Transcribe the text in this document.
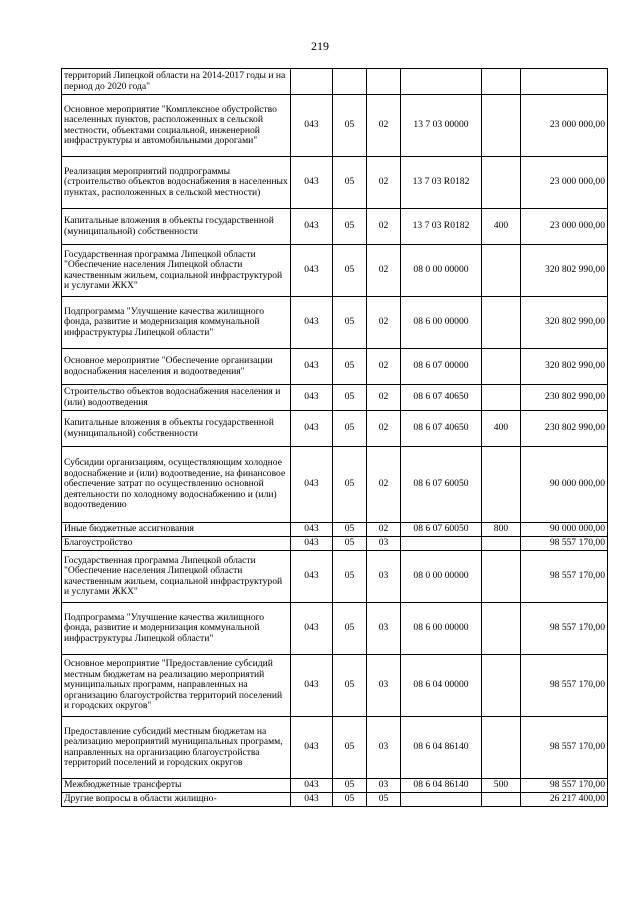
219
территорий Липецкой области на 2014-2017 годы и на период до 2020 года"						
Основное мероприятие "Комплексное обустройство населенных пунктов, расположенных в сельской местности, объектами социальной, инженерной инфраструктуры и автомобильными дорогами"	043	05	02	13 7 03 00000		23 000 000,00
Реализация мероприятий подпрограммы (строительство объектов водоснабжения в населенных пунктах, расположенных в сельской местности)	043	05	02	13 7 03 R0182		23 000 000,00
Капитальные вложения в объекты государственной (муниципальной) собственности	043	05	02	13 7 03 R0182	400	23 000 000,00
Государственная программа Липецкой области "Обеспечение населения Липецкой области качественным жильем, социальной инфраструктурой и услугами ЖКХ"	043	05	02	08 0 00 00000		320 802 990,00
Подпрограмма "Улучшение качества жилищного фонда, развитие и модернизация коммунальной инфраструктуры Липецкой области"	043	05	02	08 6 00 00000		320 802 990,00
Основное мероприятие "Обеспечение организации водоснабжения населения и водоотведения"	043	05	02	08 6 07 00000		320 802 990,00
Строительство объектов водоснабжения населения и (или) водоотведения	043	05	02	08 6 07 40650		230 802 990,00
Капитальные вложения в объекты государственной (муниципальной) собственности	043	05	02	08 6 07 40650	400	230 802 990,00
Субсидии организациям, осуществляющим холодное водоснабжение и (или) водоотведение, на финансовое обеспечение затрат по осуществлению основной деятельности по холодному водоснабжению и (или) водоотведению	043	05	02	08 6 07 60050		90 000 000,00
Иные бюджетные ассигнования	043	05	02	08 6 07 60050	800	90 000 000,00
Благоустройство	043	05	03			98 557 170,00
Государственная программа Липецкой области "Обеспечение населения Липецкой области качественным жильем, социальной инфраструктурой и услугами ЖКХ"	043	05	03	08 0 00 00000		98 557 170,00
Подпрограмма "Улучшение качества жилищного фонда, развитие и модернизация коммунальной инфраструктуры Липецкой области"	043	05	03	08 6 00 00000		98 557 170,00
Основное мероприятие "Предоставление субсидий местным бюджетам на реализацию мероприятий муниципальных программ, направленных на организацию благоустройства территорий поселений и городских округов"	043	05	03	08 6 04 00000		98 557 170,00
Предоставление субсидий местным бюджетам на реализацию мероприятий муниципальных программ, направленных на организацию благоустройства территорий поселений и городских округов	043	05	03	08 6 04 86140		98 557 170,00
Межбюджетные трансферты	043	05	03	08 6 04 86140	500	98 557 170,00
Другие вопросы в области жилищно-	043	05	05			26 217 400,00
